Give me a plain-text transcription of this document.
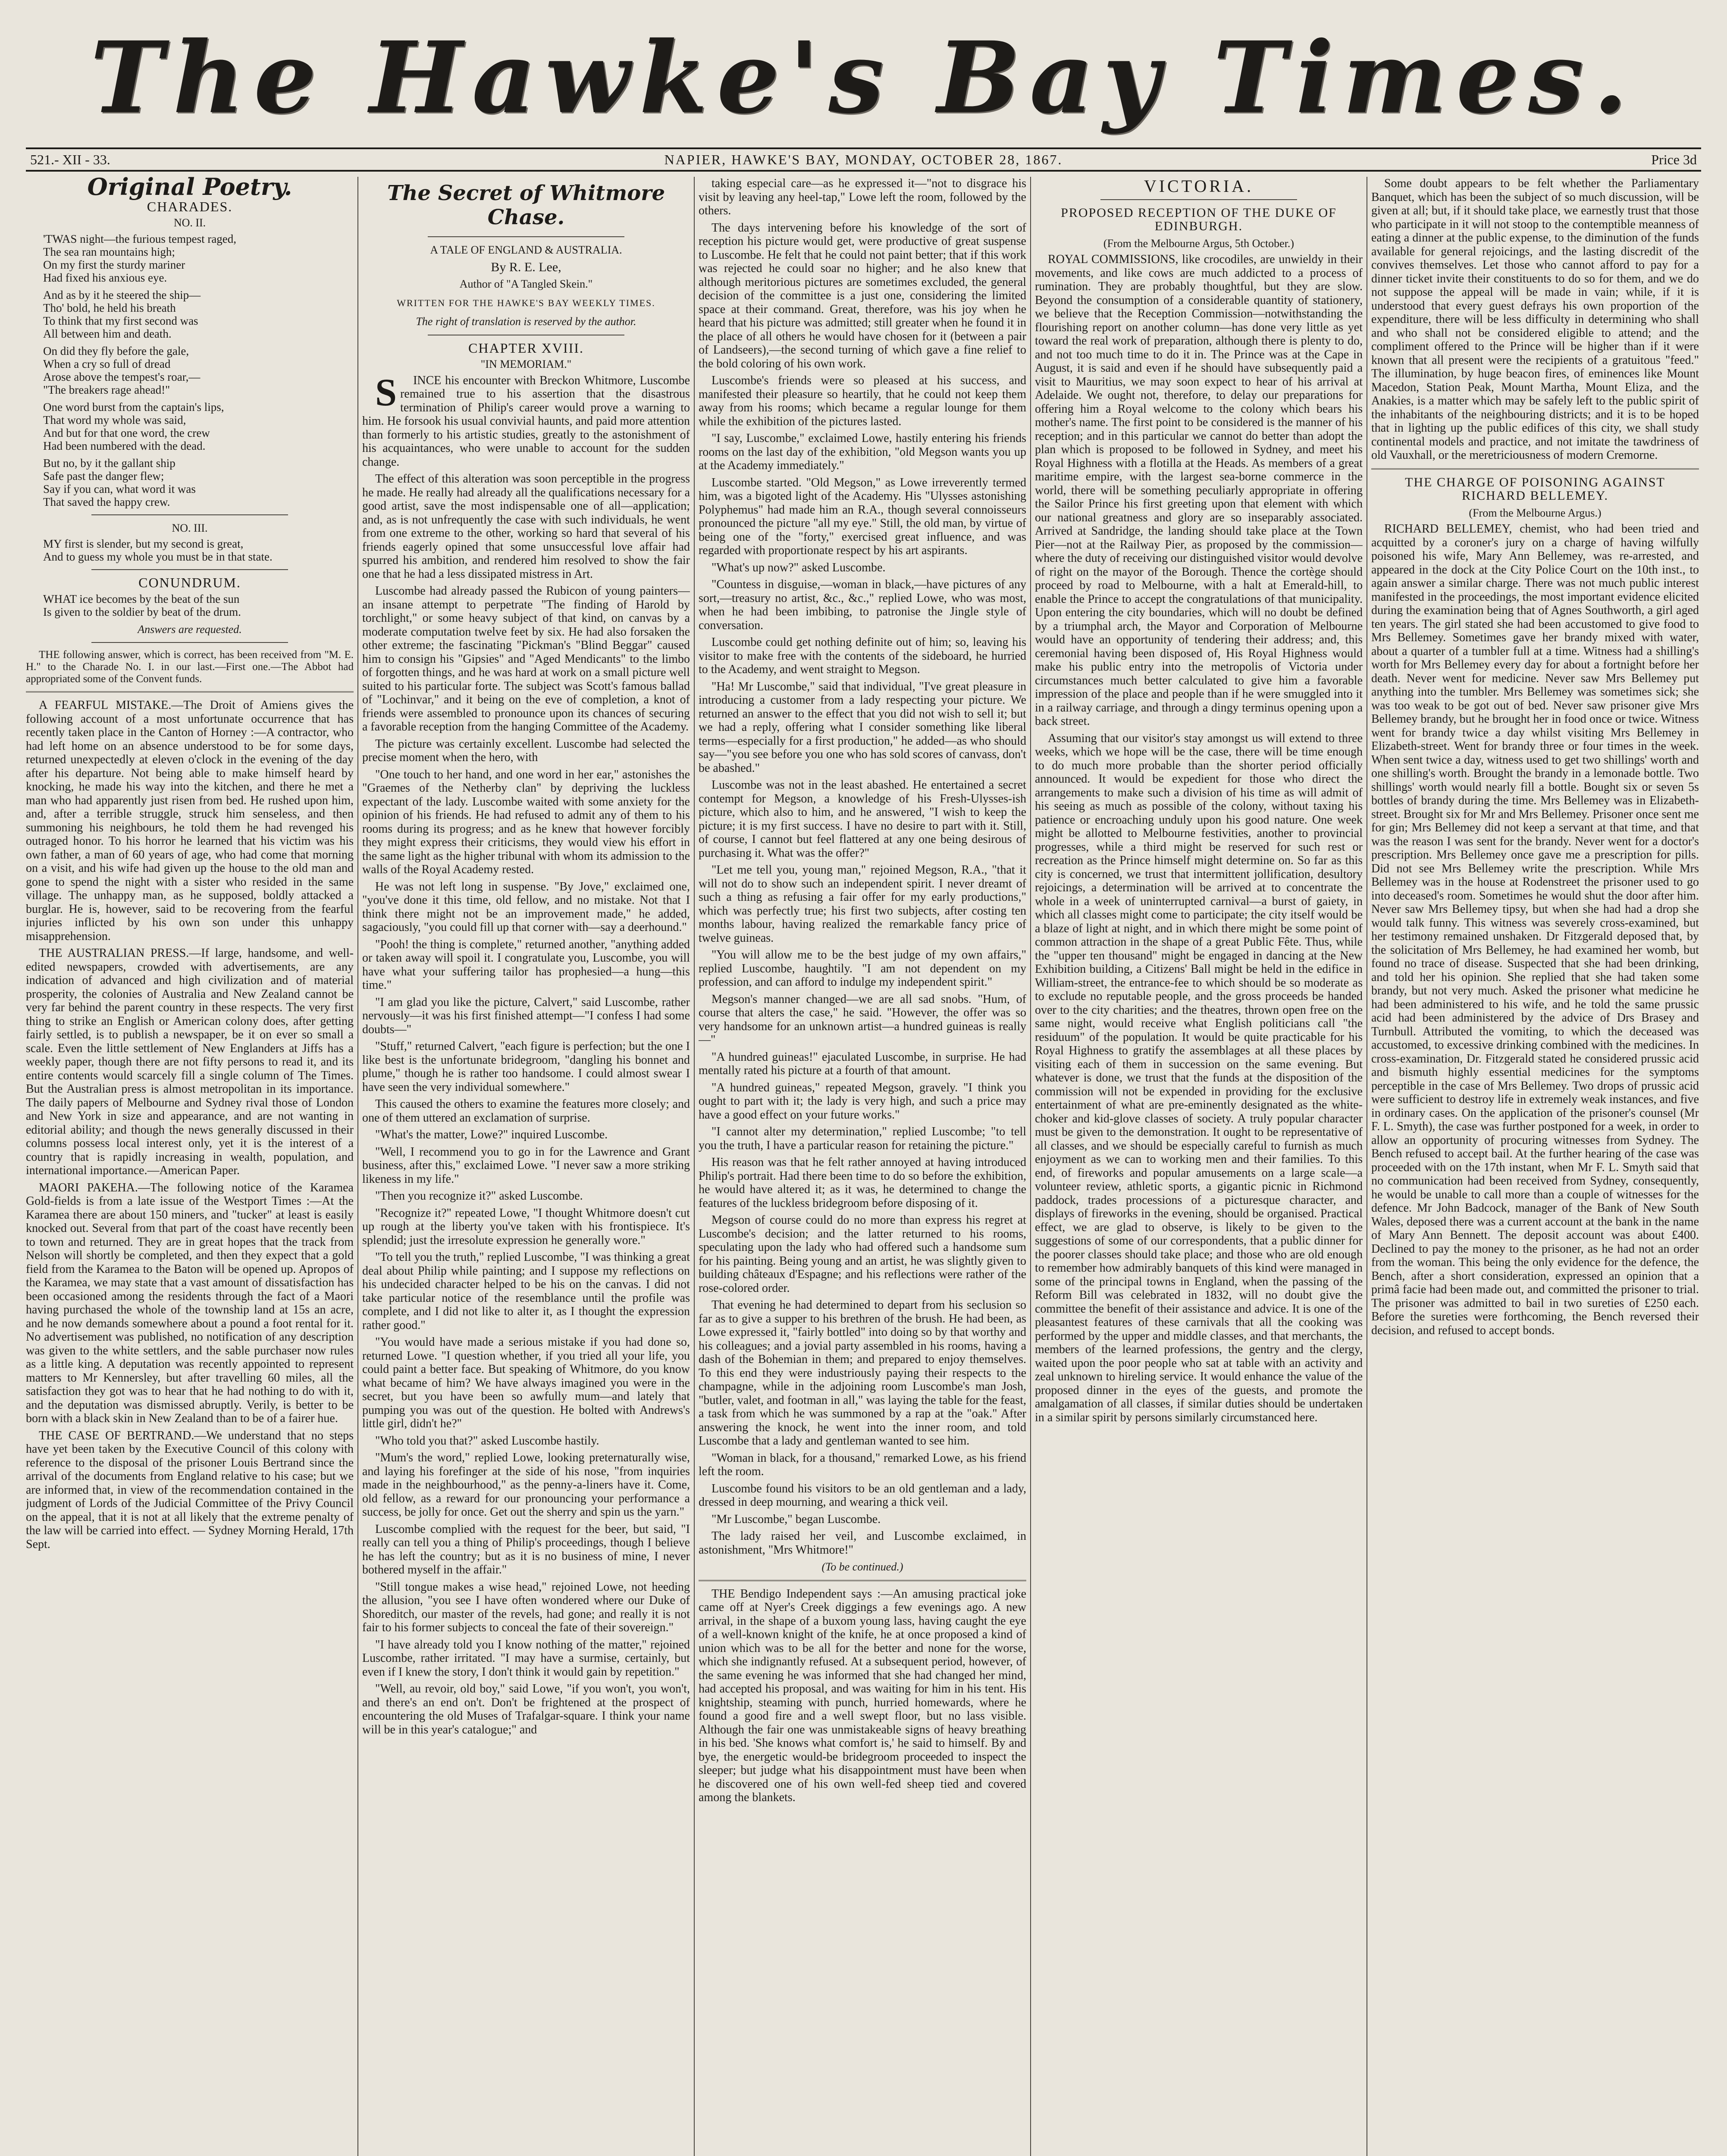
The Hawke's Bay Times.
521.- XII - 33.	NAPIER, HAWKE'S BAY, MONDAY, OCTOBER 28, 1867.	Price 3d
Original Poetry.
CHARADES.
NO. II.
'TWAS night—the furious tempest raged,
The sea ran mountains high;
On my first the sturdy mariner
Had fixed his anxious eye.
And as by it he steered the ship—
Tho' bold, he held his breath
To think that my first second was
All between him and death.
On did they fly before the gale,
When a cry so full of dread
Arose above the tempest's roar,—
"The breakers rage ahead!"
One word burst from the captain's lips,
That word my whole was said,
And but for that one word, the crew
Had been numbered with the dead.
But no, by it the gallant ship
Safe past the danger flew;
Say if you can, what word it was
That saved the happy crew.
NO. III.
MY first is slender, but my second is great,
And to guess my whole you must be in that state.
CONUNDRUM.
WHAT ice becomes by the beat of the sun
Is given to the soldier by beat of the drum.
Answers are requested.

THE following answer, which is correct, has been received from "M. E. H." to the Charade No. I. in our last.—First one.—The Abbot had appropriated some of the Convent funds.

A FEARFUL MISTAKE.—The Droit of Amiens gives the following account of a most unfortunate occurrence that has recently taken place in the Canton of Horney :—A contractor, who had left home on an absence understood to be for some days, returned unexpectedly at eleven o'clock in the evening of the day after his departure. Not being able to make himself heard by knocking, he made his way into the kitchen, and there he met a man who had apparently just risen from bed. He rushed upon him, and, after a terrible struggle, struck him senseless, and then summoning his neighbours, he told them he had revenged his outraged honor. To his horror he learned that his victim was his own father, a man of 60 years of age, who had come that morning on a visit, and his wife had given up the house to the old man and gone to spend the night with a sister who resided in the same village. The unhappy man, as he supposed, boldly attacked a burglar. He is, however, said to be recovering from the fearful injuries inflicted by his own son under this unhappy misapprehension.

THE AUSTRALIAN PRESS.—If large, handsome, and well-edited newspapers, crowded with advertisements, are any indication of advanced and high civilization and of material prosperity, the colonies of Australia and New Zealand cannot be very far behind the parent country in these respects. The very first thing to strike an English or American colony does, after getting fairly settled, is to publish a newspaper, be it on ever so small a scale. Even the little settlement of New Englanders at Jiffs has a weekly paper, though there are not fifty persons to read it, and its entire contents would scarcely fill a single column of The Times. But the Australian press is almost metropolitan in its importance. The daily papers of Melbourne and Sydney rival those of London and New York in size and appearance, and are not wanting in editorial ability; and though the news generally discussed in their columns possess local interest only, yet it is the interest of a country that is rapidly increasing in wealth, population, and international importance.—American Paper.

MAORI PAKEHA.—The following notice of the Karamea Gold-fields is from a late issue of the Westport Times :—At the Karamea there are about 150 miners, and "tucker" at least is easily knocked out. Several from that part of the coast have recently been to town and returned. They are in great hopes that the track from Nelson will shortly be completed, and then they expect that a gold field from the Karamea to the Baton will be opened up. Apropos of the Karamea, we may state that a vast amount of dissatisfaction has been occasioned among the residents through the fact of a Maori having purchased the whole of the township land at 15s an acre, and he now demands somewhere about a pound a foot rental for it. No advertisement was published, no notification of any description was given to the white settlers, and the sable purchaser now rules as a little king. A deputation was recently appointed to represent matters to Mr Kennersley, but after travelling 60 miles, all the satisfaction they got was to hear that he had nothing to do with it, and the deputation was dismissed abruptly. Verily, is better to be born with a black skin in New Zealand than to be of a fairer hue.

THE CASE OF BERTRAND.—We understand that no steps have yet been taken by the Executive Council of this colony with reference to the disposal of the prisoner Louis Bertrand since the arrival of the documents from England relative to his case; but we are informed that, in view of the recommendation contained in the judgment of Lords of the Judicial Committee of the Privy Council on the appeal, that it is not at all likely that the extreme penalty of the law will be carried into effect. — Sydney Morning Herald, 17th Sept.

The Secret of Whitmore Chase.
A TALE OF ENGLAND & AUSTRALIA.
By R. E. Lee,
Author of "A Tangled Skein."
WRITTEN FOR THE HAWKE'S BAY WEEKLY TIMES.
The right of translation is reserved by the author.
CHAPTER XVIII.
"IN MEMORIAM."

SINCE his encounter with Breckon Whitmore, Luscombe remained true to his assertion that the disastrous termination of Philip's career would prove a warning to him. He forsook his usual convivial haunts, and paid more attention than formerly to his artistic studies, greatly to the astonishment of his acquaintances, who were unable to account for the sudden change.

The effect of this alteration was soon perceptible in the progress he made. He really had already all the qualifications necessary for a good artist, save the most indispensable one of all—application; and, as is not unfrequently the case with such individuals, he went from one extreme to the other, working so hard that several of his friends eagerly opined that some unsuccessful love affair had spurred his ambition, and rendered him resolved to show the fair one that he had a less dissipated mistress in Art.

Luscombe had already passed the Rubicon of young painters—an insane attempt to perpetrate "The finding of Harold by torchlight," or some heavy subject of that kind, on canvas by a moderate computation twelve feet by six. He had also forsaken the other extreme; the fascinating "Pickman's "Blind Beggar" caused him to consign his "Gipsies" and "Aged Mendicants" to the limbo of forgotten things, and he was hard at work on a small picture well suited to his particular forte. The subject was Scott's famous ballad of "Lochinvar," and it being on the eve of completion, a knot of friends were assembled to pronounce upon its chances of securing a favorable reception from the hanging Committee of the Academy.

The picture was certainly excellent. Luscombe had selected the precise moment when the hero, with

"One touch to her hand, and one word in her ear," astonishes the "Graemes of the Netherby clan" by depriving the luckless expectant of the lady. Luscombe waited with some anxiety for the opinion of his friends. He had refused to admit any of them to his rooms during its progress; and as he knew that however forcibly they might express their criticisms, they would view his effort in the same light as the higher tribunal with whom its admission to the walls of the Royal Academy rested.

He was not left long in suspense. "By Jove," exclaimed one, "you've done it this time, old fellow, and no mistake. Not that I think there might not be an improvement made," he added, sagaciously, "you could fill up that corner with—say a deerhound."

"Pooh! the thing is complete," returned another, "anything added or taken away will spoil it. I congratulate you, Luscombe, you will have what your suffering tailor has prophesied—a hung—this time."

"I am glad you like the picture, Calvert," said Luscombe, rather nervously—it was his first finished attempt—"I confess I had some doubts—"

"Stuff," returned Calvert, "each figure is perfection; but the one I like best is the unfortunate bridegroom, "dangling his bonnet and plume," though he is rather too handsome. I could almost swear I have seen the very individual somewhere."

This caused the others to examine the features more closely; and one of them uttered an exclamation of surprise.

"What's the matter, Lowe?" inquired Luscombe.

"Well, I recommend you to go in for the Lawrence and Grant business, after this," exclaimed Lowe. "I never saw a more striking likeness in my life."

"Then you recognize it?" asked Luscombe.

"Recognize it?" repeated Lowe, "I thought Whitmore doesn't cut up rough at the liberty you've taken with his frontispiece. It's splendid; just the irresolute expression he generally wore."

"To tell you the truth," replied Luscombe, "I was thinking a great deal about Philip while painting; and I suppose my reflections on his undecided character helped to be his on the canvas. I did not take particular notice of the resemblance until the profile was complete, and I did not like to alter it, as I thought the expression rather good."

"You would have made a serious mistake if you had done so, returned Lowe. "I question whether, if you tried all your life, you could paint a better face. But speaking of Whitmore, do you know what became of him? We have always imagined you were in the secret, but you have been so awfully mum—and lately that pumping you was out of the question. He bolted with Andrews's little girl, didn't he?"

"Who told you that?" asked Luscombe hastily.

"Mum's the word," replied Lowe, looking preternaturally wise, and laying his forefinger at the side of his nose, "from inquiries made in the neighbourhood," as the penny-a-liners have it. Come, old fellow, as a reward for our pronouncing your performance a success, be jolly for once. Get out the sherry and spin us the yarn."

Luscombe complied with the request for the beer, but said, "I really can tell you a thing of Philip's proceedings, though I believe he has left the country; but as it is no business of mine, I never bothered myself in the affair."

"Still tongue makes a wise head," rejoined Lowe, not heeding the allusion, "you see I have often wondered where our Duke of Shoreditch, our master of the revels, had gone; and really it is not fair to his former subjects to conceal the fate of their sovereign."

"I have already told you I know nothing of the matter," rejoined Luscombe, rather irritated. "I may have a surmise, certainly, but even if I knew the story, I don't think it would gain by repetition."

"Well, au revoir, old boy," said Lowe, "if you won't, you won't, and there's an end on't. Don't be frightened at the prospect of encountering the old Muses of Trafalgar-square. I think your name will be in this year's catalogue;" and

taking especial care—as he expressed it—"not to disgrace his visit by leaving any heel-tap," Lowe left the room, followed by the others.

The days intervening before his knowledge of the sort of reception his picture would get, were productive of great suspense to Luscombe. He felt that he could not paint better; that if this work was rejected he could soar no higher; and he also knew that although meritorious pictures are sometimes excluded, the general decision of the committee is a just one, considering the limited space at their command. Great, therefore, was his joy when he heard that his picture was admitted; still greater when he found it in the place of all others he would have chosen for it (between a pair of Landseers),—the second turning of which gave a fine relief to the bold coloring of his own work.

Luscombe's friends were so pleased at his success, and manifested their pleasure so heartily, that he could not keep them away from his rooms; which became a regular lounge for them while the exhibition of the pictures lasted.

"I say, Luscombe," exclaimed Lowe, hastily entering his friends rooms on the last day of the exhibition, "old Megson wants you up at the Academy immediately."

Luscombe started. "Old Megson," as Lowe irreverently termed him, was a bigoted light of the Academy. His "Ulysses astonishing Polyphemus" had made him an R.A., though several connoisseurs pronounced the picture "all my eye." Still, the old man, by virtue of being one of the "forty," exercised great influence, and was regarded with proportionate respect by his art aspirants.

"What's up now?" asked Luscombe.

"Countess in disguise,—woman in black,—have pictures of any sort,—treasury no artist, &c., &c.," replied Lowe, who was most, when he had been imbibing, to patronise the Jingle style of conversation.

Luscombe could get nothing definite out of him; so, leaving his visitor to make free with the contents of the sideboard, he hurried to the Academy, and went straight to Megson.

"Ha! Mr Luscombe," said that individual, "I've great pleasure in introducing a customer from a lady respecting your picture. We returned an answer to the effect that you did not wish to sell it; but we had a reply, offering what I consider something like liberal terms—especially for a first production," he added—as who should say—"you see before you one who has sold scores of canvass, don't be abashed."

Luscombe was not in the least abashed. He entertained a secret contempt for Megson, a knowledge of his Fresh-Ulysses-ish picture, which also to him, and he answered, "I wish to keep the picture; it is my first success. I have no desire to part with it. Still, of course, I cannot but feel flattered at any one being desirous of purchasing it. What was the offer?"

"Let me tell you, young man," rejoined Megson, R.A., "that it will not do to show such an independent spirit. I never dreamt of such a thing as refusing a fair offer for my early productions," which was perfectly true; his first two subjects, after costing ten months labour, having realized the remarkable fancy price of twelve guineas.

"You will allow me to be the best judge of my own affairs," replied Luscombe, haughtily. "I am not dependent on my profession, and can afford to indulge my independent spirit."

Megson's manner changed—we are all sad snobs. "Hum, of course that alters the case," he said. "However, the offer was so very handsome for an unknown artist—a hundred guineas is really—"

"A hundred guineas!" ejaculated Luscombe, in surprise. He had mentally rated his picture at a fourth of that amount.

"A hundred guineas," repeated Megson, gravely. "I think you ought to part with it; the lady is very high, and such a price may have a good effect on your future works."

"I cannot alter my determination," replied Luscombe; "to tell you the truth, I have a particular reason for retaining the picture."

His reason was that he felt rather annoyed at having introduced Philip's portrait. Had there been time to do so before the exhibition, he would have altered it; as it was, he determined to change the features of the luckless bridegroom before disposing of it.

Megson of course could do no more than express his regret at Luscombe's decision; and the latter returned to his rooms, speculating upon the lady who had offered such a handsome sum for his painting. Being young and an artist, he was slightly given to building châteaux d'Espagne; and his reflections were rather of the rose-colored order.

That evening he had determined to depart from his seclusion so far as to give a supper to his brethren of the brush. He had been, as Lowe expressed it, "fairly bottled" into doing so by that worthy and his colleagues; and a jovial party assembled in his rooms, having a dash of the Bohemian in them; and prepared to enjoy themselves. To this end they were industriously paying their respects to the champagne, while in the adjoining room Luscombe's man Josh, "butler, valet, and footman in all," was laying the table for the feast, a task from which he was summoned by a rap at the "oak." After answering the knock, he went into the inner room, and told Luscombe that a lady and gentleman wanted to see him.

"Woman in black, for a thousand," remarked Lowe, as his friend left the room.

Luscombe found his visitors to be an old gentleman and a lady, dressed in deep mourning, and wearing a thick veil.

"Mr Luscombe," began Luscombe.

The lady raised her veil, and Luscombe exclaimed, in astonishment, "Mrs Whitmore!"

(To be continued.)

THE Bendigo Independent says :—An amusing practical joke came off at Nyer's Creek diggings a few evenings ago. A new arrival, in the shape of a buxom young lass, having caught the eye of a well-known knight of the knife, he at once proposed a kind of union which was to be all for the better and none for the worse, which she indignantly refused. At a subsequent period, however, of the same evening he was informed that she had changed her mind, had accepted his proposal, and was waiting for him in his tent. His knightship, steaming with punch, hurried homewards, where he found a good fire and a well swept floor, but no lass visible. Although the fair one was unmistakeable signs of heavy breathing in his bed. 'She knows what comfort is,' he said to himself. By and bye, the energetic would-be bridegroom proceeded to inspect the sleeper; but judge what his disappointment must have been when he discovered one of his own well-fed sheep tied and covered among the blankets.

VICTORIA.
PROPOSED RECEPTION OF THE DUKE OF EDINBURGH.
(From the Melbourne Argus, 5th October.)

ROYAL COMMISSIONS, like crocodiles, are unwieldy in their movements, and like cows are much addicted to a process of rumination. They are probably thoughtful, but they are slow. Beyond the consumption of a considerable quantity of stationery, we believe that the Reception Commission—notwithstanding the flourishing report on another column—has done very little as yet toward the real work of preparation, although there is plenty to do, and not too much time to do it in. The Prince was at the Cape in August, it is said and even if he should have subsequently paid a visit to Mauritius, we may soon expect to hear of his arrival at Adelaide. We ought not, therefore, to delay our preparations for offering him a Royal welcome to the colony which bears his mother's name. The first point to be considered is the manner of his reception; and in this particular we cannot do better than adopt the plan which is proposed to be followed in Sydney, and meet his Royal Highness with a flotilla at the Heads. As members of a great maritime empire, with the largest sea-borne commerce in the world, there will be something peculiarly appropriate in offering the Sailor Prince his first greeting upon that element with which our national greatness and glory are so inseparably associated. Arrived at Sandridge, the landing should take place at the Town Pier—not at the Railway Pier, as proposed by the commission—where the duty of receiving our distinguished visitor would devolve of right on the mayor of the Borough. Thence the cortège should proceed by road to Melbourne, with a halt at Emerald-hill, to enable the Prince to accept the congratulations of that municipality. Upon entering the city boundaries, which will no doubt be defined by a triumphal arch, the Mayor and Corporation of Melbourne would have an opportunity of tendering their address; and, this ceremonial having been disposed of, His Royal Highness would make his public entry into the metropolis of Victoria under circumstances much better calculated to give him a favorable impression of the place and people than if he were smuggled into it in a railway carriage, and through a dingy terminus opening upon a back street.

Assuming that our visitor's stay amongst us will extend to three weeks, which we hope will be the case, there will be time enough to do much more probable than the shorter period officially announced. It would be expedient for those who direct the arrangements to make such a division of his time as will admit of his seeing as much as possible of the colony, without taxing his patience or encroaching unduly upon his good nature. One week might be allotted to Melbourne festivities, another to provincial progresses, while a third might be reserved for such rest or recreation as the Prince himself might determine on. So far as this city is concerned, we trust that intermittent jollification, desultory rejoicings, a determination will be arrived at to concentrate the whole in a week of uninterrupted carnival—a burst of gaiety, in which all classes might come to participate; the city itself would be a blaze of light at night, and in which there might be some point of common attraction in the shape of a great Public Fête. Thus, while the "upper ten thousand" might be engaged in dancing at the New Exhibition building, a Citizens' Ball might be held in the edifice in William-street, the entrance-fee to which should be so moderate as to exclude no reputable people, and the gross proceeds be handed over to the city charities; and the theatres, thrown open free on the same night, would receive what English politicians call "the residuum" of the population. It would be quite practicable for his Royal Highness to gratify the assemblages at all these places by visiting each of them in succession on the same evening. But whatever is done, we trust that the funds at the disposition of the commission will not be expended in providing for the exclusive entertainment of what are pre-eminently designated as the white-choker and kid-glove classes of society. A truly popular character must be given to the demonstration. It ought to be representative of all classes, and we should be especially careful to furnish as much enjoyment as we can to working men and their families. To this end, of fireworks and popular amusements on a large scale—a volunteer review, athletic sports, a gigantic picnic in Richmond paddock, trades processions of a picturesque character, and displays of fireworks in the evening, should be organised. Practical effect, we are glad to observe, is likely to be given to the suggestions of some of our correspondents, that a public dinner for the poorer classes should take place; and those who are old enough to remember how admirably banquets of this kind were managed in some of the principal towns in England, when the passing of the Reform Bill was celebrated in 1832, will no doubt give the committee the benefit of their assistance and advice. It is one of the pleasantest features of these carnivals that all the cooking was performed by the upper and middle classes, and that merchants, the members of the learned professions, the gentry and the clergy, waited upon the poor people who sat at table with an activity and zeal unknown to hireling service. It would enhance the value of the proposed dinner in the eyes of the guests, and promote the amalgamation of all classes, if similar duties should be undertaken in a similar spirit by persons similarly circumstanced here.

Some doubt appears to be felt whether the Parliamentary Banquet, which has been the subject of so much discussion, will be given at all; but, if it should take place, we earnestly trust that those who participate in it will not stoop to the contemptible meanness of eating a dinner at the public expense, to the diminution of the funds available for general rejoicings, and the lasting discredit of the convives themselves. Let those who cannot afford to pay for a dinner ticket invite their constituents to do so for them, and we do not suppose the appeal will be made in vain; while, if it is understood that every guest defrays his own proportion of the expenditure, there will be less difficulty in determining who shall and who shall not be considered eligible to attend; and the compliment offered to the Prince will be higher than if it were known that all present were the recipients of a gratuitous "feed." The illumination, by huge beacon fires, of eminences like Mount Macedon, Station Peak, Mount Martha, Mount Eliza, and the Anakies, is a matter which may be safely left to the public spirit of the inhabitants of the neighbouring districts; and it is to be hoped that in lighting up the public edifices of this city, we shall study continental models and practice, and not imitate the tawdriness of old Vauxhall, or the meretriciousness of modern Cremorne.

THE CHARGE OF POISONING AGAINST RICHARD BELLEMEY.
(From the Melbourne Argus.)

RICHARD BELLEMEY, chemist, who had been tried and acquitted by a coroner's jury on a charge of having wilfully poisoned his wife, Mary Ann Bellemey, was re-arrested, and appeared in the dock at the City Police Court on the 10th inst., to again answer a similar charge. There was not much public interest manifested in the proceedings, the most important evidence elicited during the examination being that of Agnes Southworth, a girl aged ten years. The girl stated she had been accustomed to give food to Mrs Bellemey. Sometimes gave her brandy mixed with water, about a quarter of a tumbler full at a time. Witness had a shilling's worth for Mrs Bellemey every day for about a fortnight before her death. Never went for medicine. Never saw Mrs Bellemey put anything into the tumbler. Mrs Bellemey was sometimes sick; she was too weak to be got out of bed. Never saw prisoner give Mrs Bellemey brandy, but he brought her in food once or twice. Witness went for brandy twice a day whilst visiting Mrs Bellemey in Elizabeth-street. Went for brandy three or four times in the week. When sent twice a day, witness used to get two shillings' worth and one shilling's worth. Brought the brandy in a lemonade bottle. Two shillings' worth would nearly fill a bottle. Bought six or seven 5s bottles of brandy during the time. Mrs Bellemey was in Elizabeth-street. Brought six for Mr and Mrs Bellemey. Prisoner once sent me for gin; Mrs Bellemey did not keep a servant at that time, and that was the reason I was sent for the brandy. Never went for a doctor's prescription. Mrs Bellemey once gave me a prescription for pills. Did not see Mrs Bellemey write the prescription. While Mrs Bellemey was in the house at Rodenstreet the prisoner used to go into deceased's room. Sometimes he would shut the door after him. Never saw Mrs Bellemey tipsy, but when she had had a drop she would talk funny. This witness was severely cross-examined, but her testimony remained unshaken. Dr Fitzgerald deposed that, by the solicitation of Mrs Bellemey, he had examined her womb, but found no trace of disease. Suspected that she had been drinking, and told her his opinion. She replied that she had taken some brandy, but not very much. Asked the prisoner what medicine he had been administered to his wife, and he told the same prussic acid had been administered by the advice of Drs Brasey and Turnbull. Attributed the vomiting, to which the deceased was accustomed, to excessive drinking combined with the medicines. In cross-examination, Dr. Fitzgerald stated he considered prussic acid and bismuth highly essential medicines for the symptoms perceptible in the case of Mrs Bellemey. Two drops of prussic acid were sufficient to destroy life in extremely weak instances, and five in ordinary cases. On the application of the prisoner's counsel (Mr F. L. Smyth), the case was further postponed for a week, in order to allow an opportunity of procuring witnesses from Sydney. The Bench refused to accept bail. At the further hearing of the case was proceeded with on the 17th instant, when Mr F. L. Smyth said that no communication had been received from Sydney, consequently, he would be unable to call more than a couple of witnesses for the defence. Mr John Badcock, manager of the Bank of New South Wales, deposed there was a current account at the bank in the name of Mary Ann Bennett. The deposit account was about £400. Declined to pay the money to the prisoner, as he had not an order from the woman. This being the only evidence for the defence, the Bench, after a short consideration, expressed an opinion that a primâ facie had been made out, and committed the prisoner to trial. The prisoner was admitted to bail in two sureties of £250 each. Before the sureties were forthcoming, the Bench reversed their decision, and refused to accept bonds.
